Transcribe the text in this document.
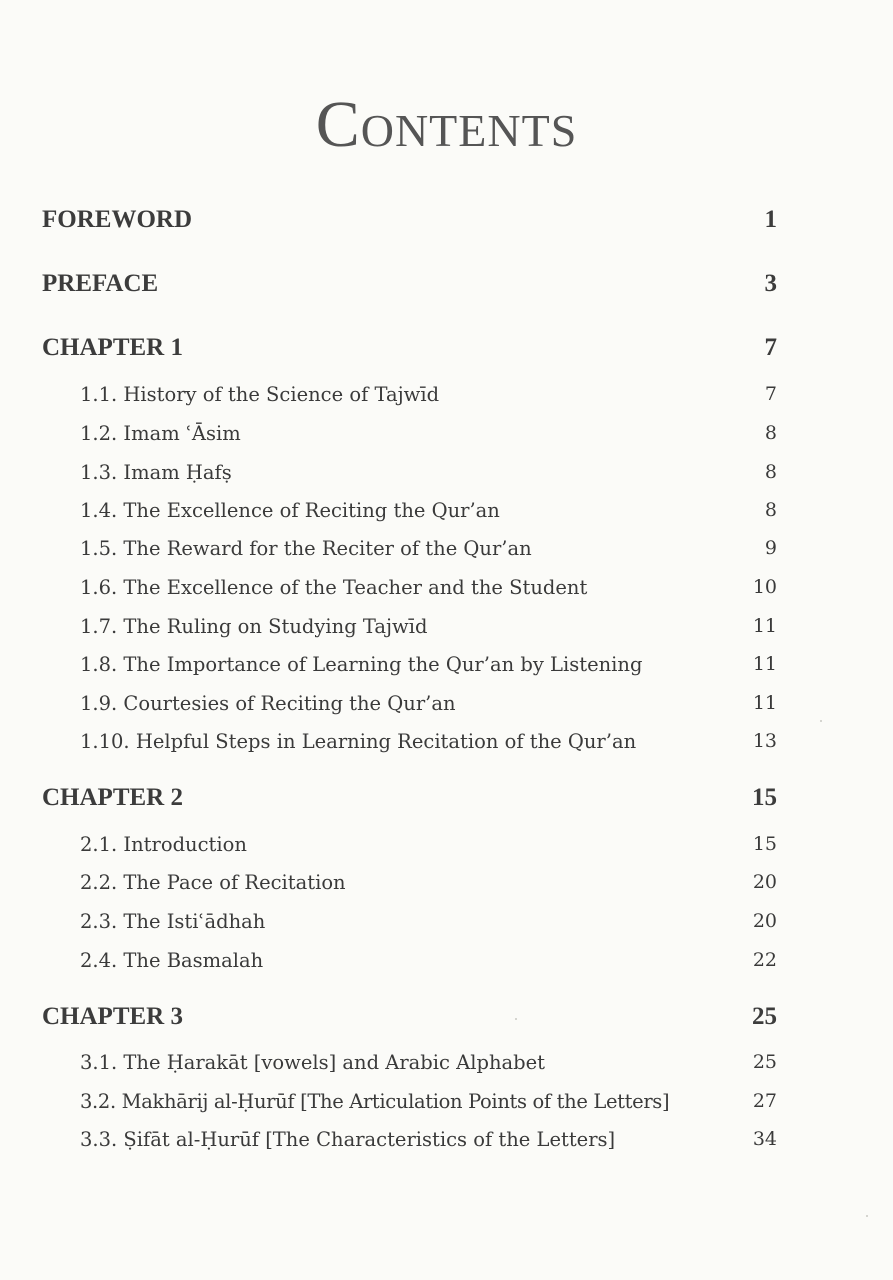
Contents
FOREWORD	1
PREFACE	3
CHAPTER 1	7
1.1. History of the Science of Tajwīd	7
1.2. Imam ʿĀsim	8
1.3. Imam Ḥafṣ	8
1.4. The Excellence of Reciting the Qur’an	8
1.5. The Reward for the Reciter of the Qur’an	9
1.6. The Excellence of the Teacher and the Student	10
1.7. The Ruling on Studying Tajwīd	11
1.8. The Importance of Learning the Qur’an by Listening	11
1.9. Courtesies of Reciting the Qur’an	11
1.10. Helpful Steps in Learning Recitation of the Qur’an	13
CHAPTER 2	15
2.1. Introduction	15
2.2. The Pace of Recitation	20
2.3. The Istiʿādhah	20
2.4. The Basmalah	22
CHAPTER 3	25
3.1. The Ḥarakāt [vowels] and Arabic Alphabet	25
3.2. Makhārij al-Ḥurūf [The Articulation Points of the Letters]	27
3.3. Ṣifāt al-Ḥurūf [The Characteristics of the Letters]	34
